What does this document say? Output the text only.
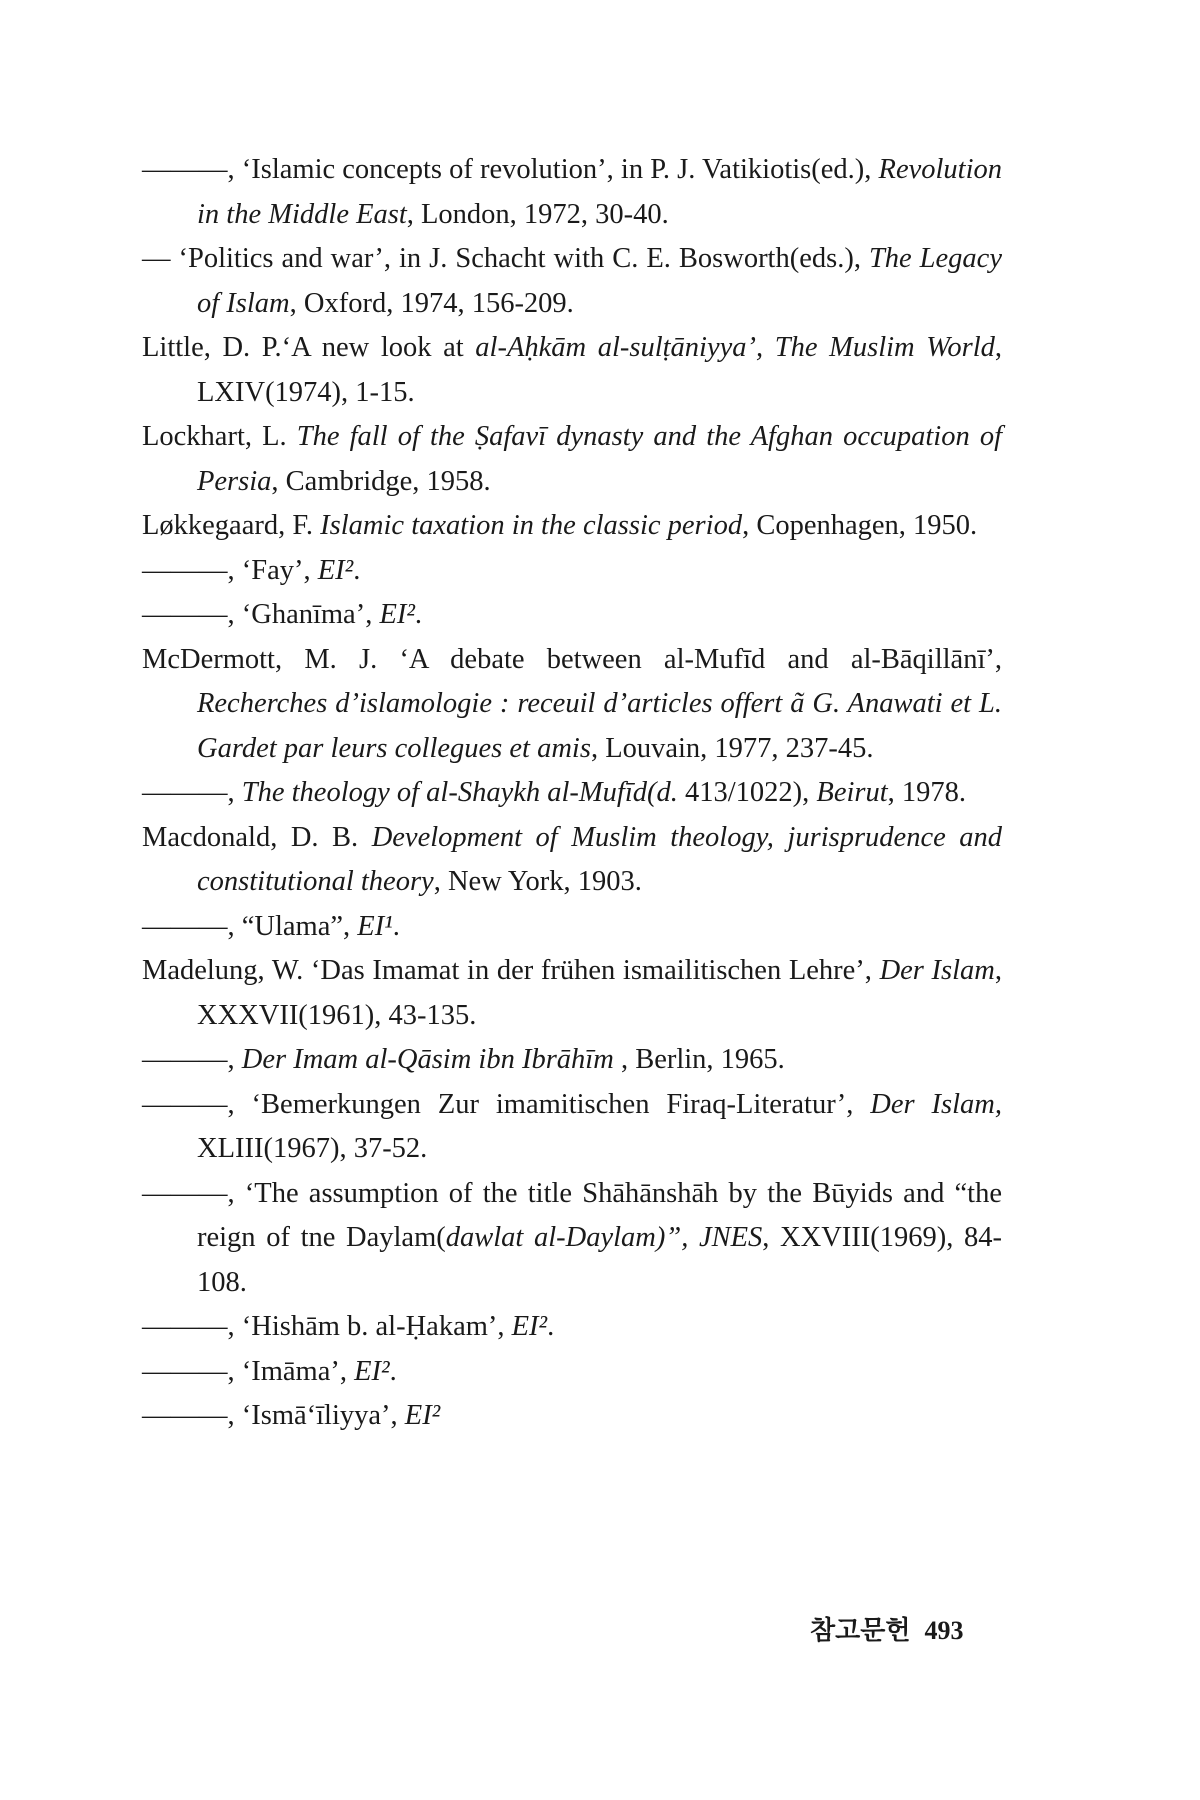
———, ‘Islamic concepts of revolution’, in P. J. Vatikiotis(ed.), Revolution in the Middle East, London, 1972, 30-40.

— ‘Politics and war’, in J. Schacht with C. E. Bosworth(eds.), The Legacy of Islam, Oxford, 1974, 156-209.

Little, D. P.‘A new look at al-Aḥkām al-sulṭāniyya’, The Muslim World, LXIV(1974), 1-15.

Lockhart, L. The fall of the Ṣafavī dynasty and the Afghan occupation of Persia, Cambridge, 1958.

Løkkegaard, F. Islamic taxation in the classic period, Copenhagen, 1950.

———, ‘Fay’, EI².

———, ‘Ghanīma’, EI².

McDermott, M. J. ‘A debate between al-Mufīd and al-Bāqillānī’, Recherches d’islamologie : receuil d’articles offert ã G. Anawati et L. Gardet par leurs collegues et amis, Louvain, 1977, 237-45.

———, The theology of al-Shaykh al-Mufīd(d. 413/1022), Beirut, 1978.

Macdonald, D. B. Development of Muslim theology, jurisprudence and constitutional theory, New York, 1903.

———, “Ulama”, EI¹.

Madelung, W. ‘Das Imamat in der frühen ismailitischen Lehre’, Der Islam, XXXVII(1961), 43-135.

———, Der Imam al-Qāsim ibn Ibrāhīm , Berlin, 1965.

———, ‘Bemerkungen Zur imamitischen Firaq-Literatur’, Der Islam, XLIII(1967), 37-52.

———, ‘The assumption of the title Shāhānshāh by the Būyids and “the reign of tne Daylam(dawlat al-Daylam)”, JNES, XXVIII(1969), 84-108.

———, ‘Hishām b. al-Ḥakam’, EI².

———, ‘Imāma’, EI².

———, ‘Ismā‘īliyya’, EI²

참고문헌 493
